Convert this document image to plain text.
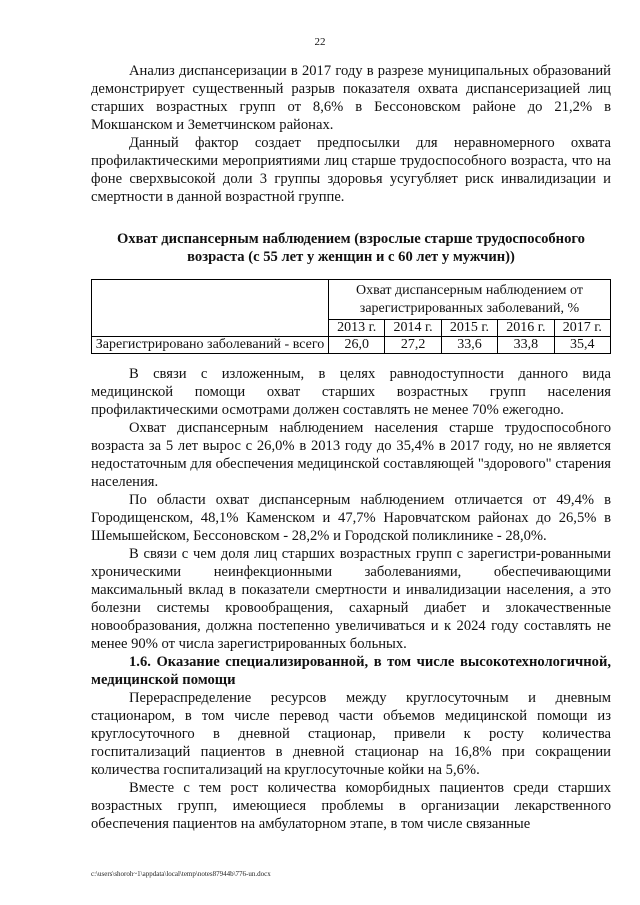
22

Анализ диспансеризации в 2017 году в разрезе муниципальных образований демонстрирует существенный разрыв показателя охвата диспансеризацией лиц старших возрастных групп от 8,6% в Бессоновском районе до 21,2% в Мокшанском и Земетчинском районах.

Данный фактор создает предпосылки для неравномерного охвата профилактическими мероприятиями лиц старше трудоспособного возраста, что на фоне сверхвысокой доли 3 группы здоровья усугубляет риск инвалидизации и смертности в данной возрастной группе.

Охват диспансерным наблюдением (взрослые старше трудоспособного возраста (с 55 лет у женщин и с 60 лет у мужчин))
	Охват диспансерным наблюдением от зарегистрированных заболеваний, %				
	2013 г.	2014 г.	2015 г.	2016 г.	2017 г.
Зарегистрировано заболеваний - всего	26,0	27,2	33,6	33,8	35,4

В связи с изложенным, в целях равнодоступности данного вида медицинской помощи охват старших возрастных групп населения профилактическими осмотрами должен составлять не менее 70% ежегодно.

Охват диспансерным наблюдением населения старше трудоспособного возраста за 5 лет вырос с 26,0% в 2013 году до 35,4% в 2017 году, но не является недостаточным для обеспечения медицинской составляющей "здорового" старения населения.

По области охват диспансерным наблюдением отличается от 49,4% в Городищенском, 48,1% Каменском и 47,7% Наровчатском районах до 26,5% в Шемышейском, Бессоновском - 28,2% и Городской поликлинике - 28,0%.

В связи с чем доля лиц старших возрастных групп с зарегистри-рованными хроническими неинфекционными заболеваниями, обеспечивающими максимальный вклад в показатели смертности и инвалидизации населения, а это болезни системы кровообращения, сахарный диабет и злокачественные новообразования, должна постепенно увеличиваться и к 2024 году составлять не менее 90% от числа зарегистрированных больных.

1.6. Оказание специализированной, в том числе высокотехнологичной, медицинской помощи

Перераспределение ресурсов между круглосуточным и дневным стационаром, в том числе перевод части объемов медицинской помощи из круглосуточного в дневной стационар, привели к росту количества госпитализаций пациентов в дневной стационар на 16,8% при сокращении количества госпитализаций на круглосуточные койки на 5,6%.

Вместе с тем рост количества коморбидных пациентов среди старших возрастных групп, имеющиеся проблемы в организации лекарственного обеспечения пациентов на амбулаторном этапе, в том числе связанные

c:\users\shoroh~1\appdata\local\temp\notes87944b\776-un.docx
